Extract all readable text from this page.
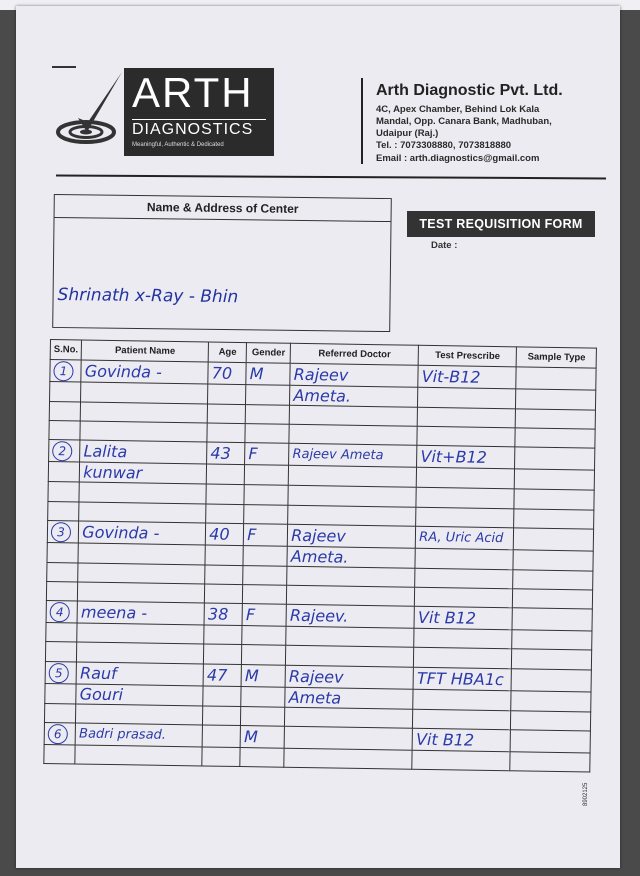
ARTH
DIAGNOSTICS
Meaningful, Authentic & Dedicated
Arth Diagnostic Pvt. Ltd.
4C, Apex Chamber, Behind Lok Kala
Mandal, Opp. Canara Bank, Madhuban,
Udaipur (Raj.)
Tel. : 7073308880, 7073818880
Email : arth.diagnostics@gmail.com
Name & Address of Center
Shrinath x-Ray - Bhin
TEST REQUISITION FORM
Date :
S.No.	Patient Name	Age	Gender	Referred Doctor	Test Prescribe	Sample Type
1	Govinda -	70	M	Rajeev	Vit-B12	
				Ameta.		

2	Lalita	43	F	Rajeev Ameta	Vit+B12	
	kunwar					

3	Govinda -	40	F	Rajeev	RA, Uric Acid	
				Ameta.		

4	meena -	38	F	Rajeev.	Vit B12	

5	Rauf	47	M	Rajeev	TFT HBA1c	
	Gouri			Ameta		

6	Badri prasad.		M		Vit B12	

8902125
